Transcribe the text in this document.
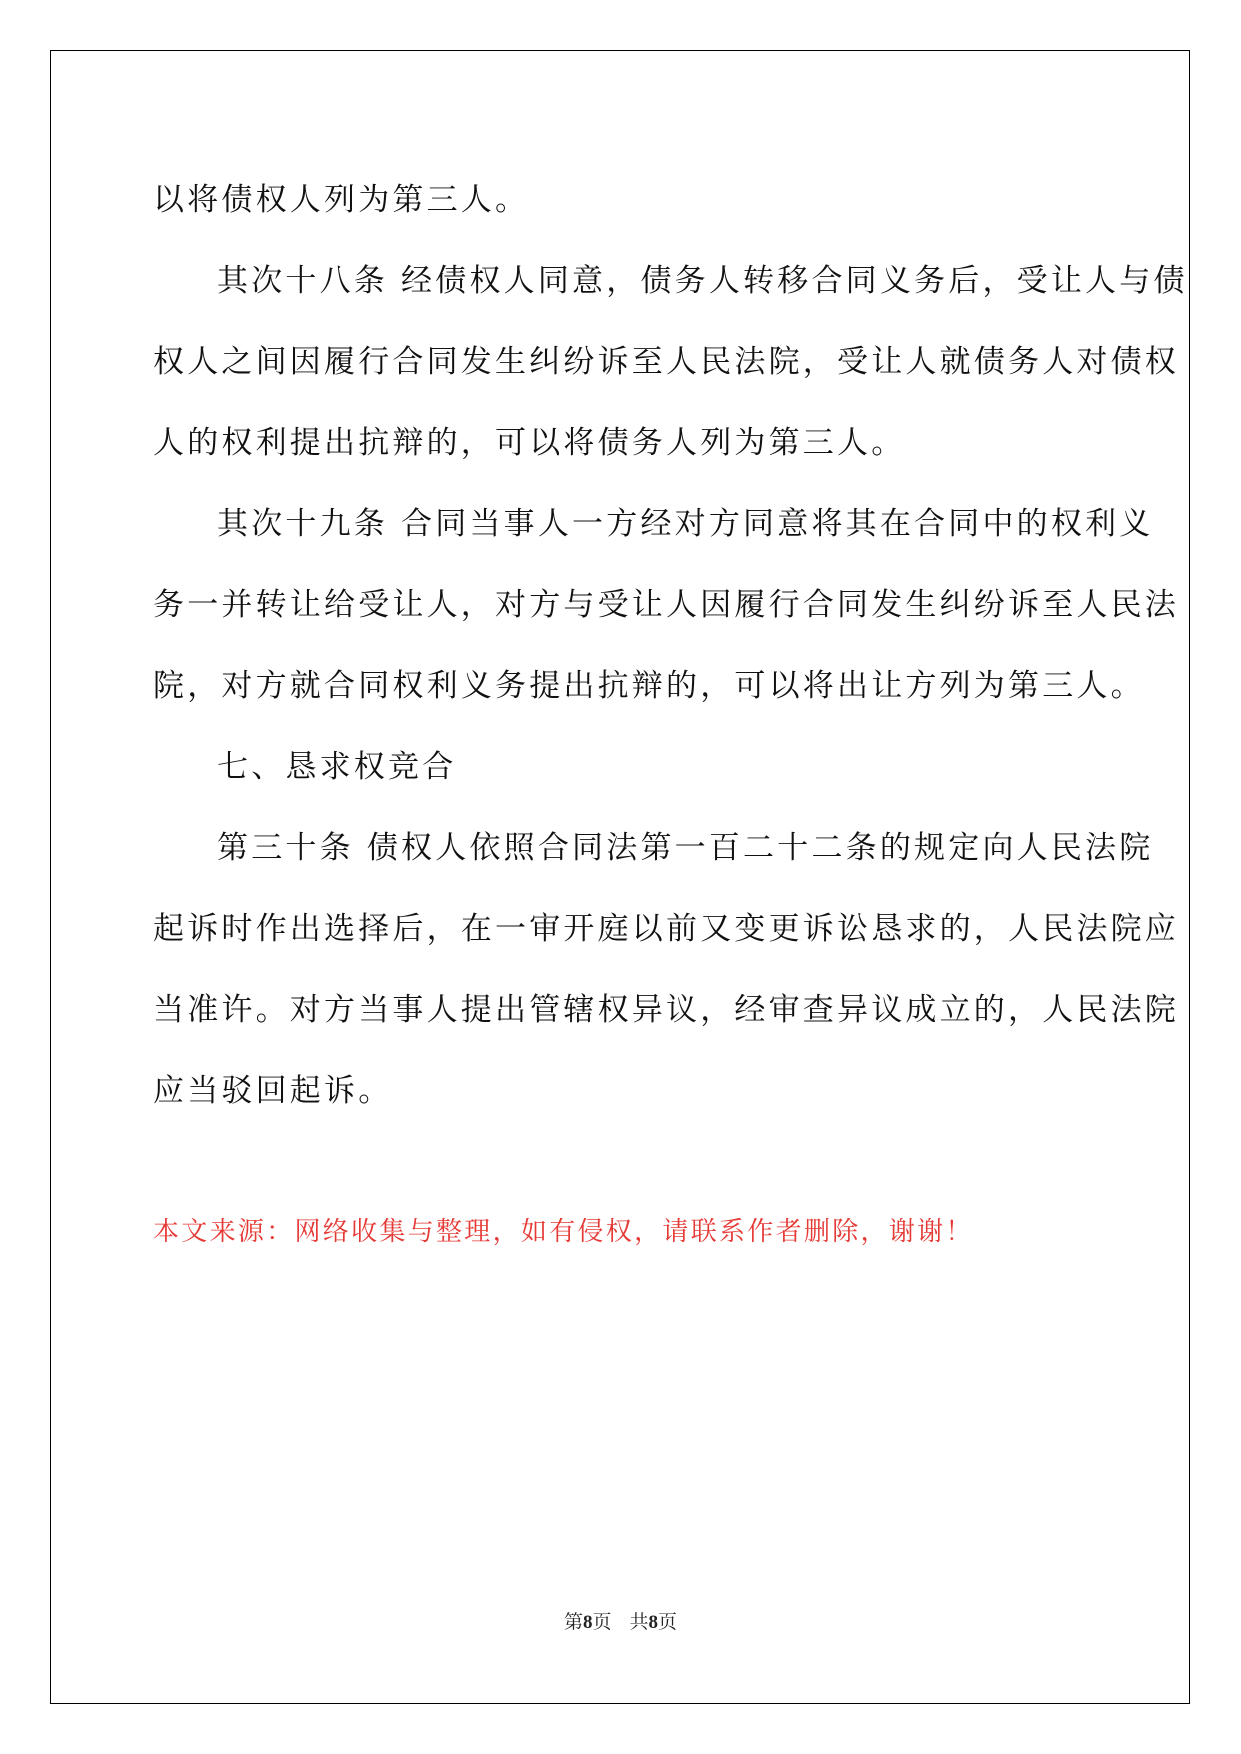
以将债权人列为第三人。
其次十八条 经债权人同意，债务人转移合同义务后，受让人与债
权人之间因履行合同发生纠纷诉至人民法院，受让人就债务人对债权
人的权利提出抗辩的，可以将债务人列为第三人。
其次十九条 合同当事人一方经对方同意将其在合同中的权利义
务一并转让给受让人，对方与受让人因履行合同发生纠纷诉至人民法
院，对方就合同权利义务提出抗辩的，可以将出让方列为第三人。
七、恳求权竞合
第三十条 债权人依照合同法第一百二十二条的规定向人民法院
起诉时作出选择后，在一审开庭以前又变更诉讼恳求的，人民法院应
当准许。对方当事人提出管辖权异议，经审查异议成立的，人民法院
应当驳回起诉。
本文来源：网络收集与整理，如有侵权，请联系作者删除，谢谢！
第8页 共8页
